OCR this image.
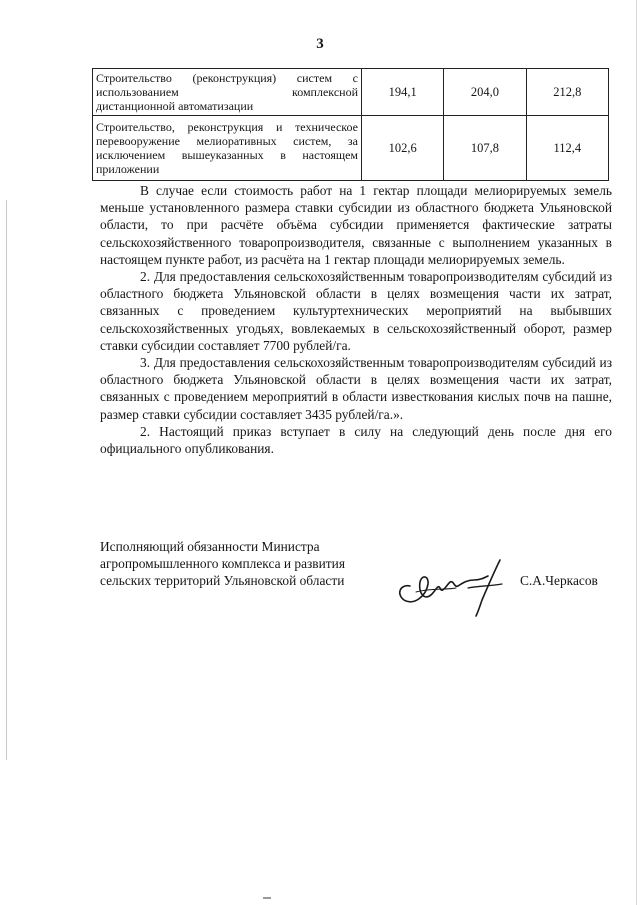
3
Строительство (реконструкция) систем с использованием комплексной
дистанционной автоматизации	194,1	204,0	212,8
Строительство, реконструкция и техническое перевооружение мелиоративных систем, за исключением вышеуказанных в настоящем
приложении	102,6	107,8	112,4

В случае если стоимость работ на 1 гектар площади мелиорируемых земель меньше установленного размера ставки субсидии из областного бюджета Ульяновской области, то при расчёте объёма субсидии применяется фактические затраты сельскохозяйственного товаропроизводителя, связанные с выполнением указанных в настоящем пункте работ, из расчёта на 1 гектар площади мелиорируемых земель.

2. Для предоставления сельскохозяйственным товаропроизводителям субсидий из областного бюджета Ульяновской области в целях возмещения части их затрат, связанных с проведением культуртехнических мероприятий на выбывших сельскохозяйственных угодьях, вовлекаемых в сельскохозяйственный оборот, размер ставки субсидии составляет 7700 рублей/га.

3. Для предоставления сельскохозяйственным товаропроизводителям субсидий из областного бюджета Ульяновской области в целях возмещения части их затрат, связанных с проведением мероприятий в области известкования кислых почв на пашне, размер ставки субсидии составляет 3435 рублей/га.».

2. Настоящий приказ вступает в силу на следующий день после дня его официального опубликования.

Исполняющий обязанности Министра
агропромышленного комплекса и развития
сельских территорий Ульяновской области	С.А.Черкасов
